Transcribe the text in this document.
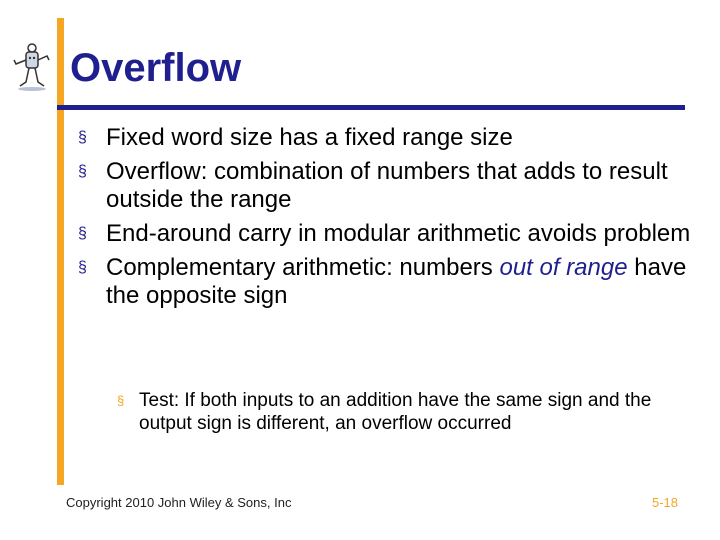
Overflow
§ Fixed word size has a fixed range size
§ Overflow: combination of numbers that adds to result outside the range
§ End-around carry in modular arithmetic avoids problem
§ Complementary arithmetic: numbers out of range have the opposite sign
§ Test: If both inputs to an addition have the same sign and the output sign is different, an overflow occurred
Copyright 2010 John Wiley & Sons, Inc	5-18
